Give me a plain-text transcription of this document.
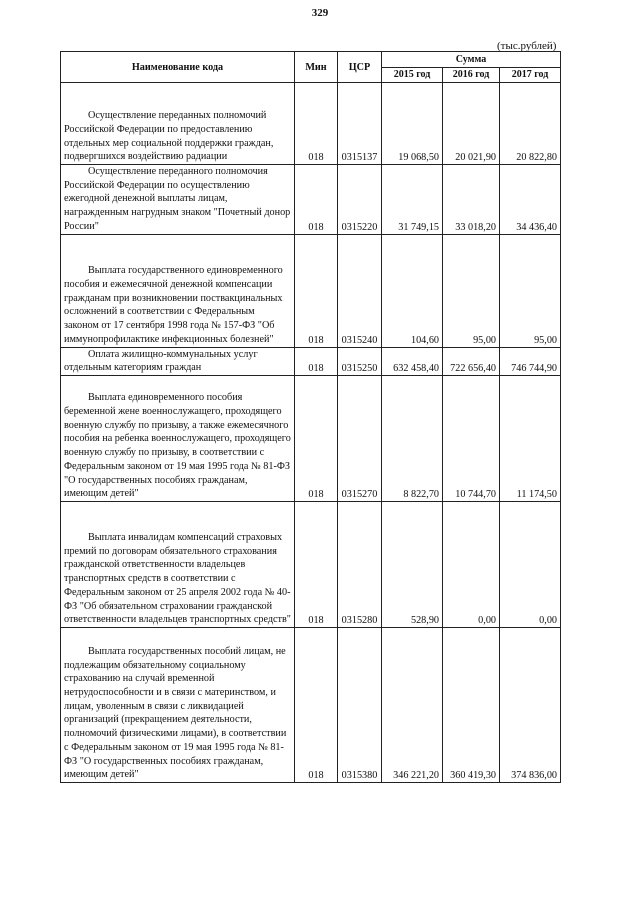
329
(тыс.рублей)
Наименование кода	Мин	ЦСР	Сумма		
			2015 год	2016 год	2017 год
Осуществление переданных полномочий Российской Федерации по предоставлению отдельных мер социальной поддержки граждан, подвергшихся воздействию радиации	018	0315137	19 068,50	20 021,90	20 822,80
Осуществление переданного полномочия Российской Федерации по осуществлению ежегодной денежной выплаты лицам, награжденным нагрудным знаком "Почетный донор России"	018	0315220	31 749,15	33 018,20	34 436,40
Выплата государственного единовременного пособия и ежемесячной денежной компенсации гражданам при возникновении поствакцинальных осложнений в соответствии с Федеральным законом от 17 сентября 1998 года № 157-ФЗ "Об иммунопрофилактике инфекционных болезней"	018	0315240	104,60	95,00	95,00
Оплата жилищно-коммунальных услуг отдельным категориям граждан	018	0315250	632 458,40	722 656,40	746 744,90
Выплата единовременного пособия беременной жене военнослужащего, проходящего военную службу по призыву, а также ежемесячного пособия на ребенка военнослужащего, проходящего военную службу по призыву, в соответствии с Федеральным законом от 19 мая 1995 года № 81-ФЗ "О государственных пособиях гражданам, имеющим детей"	018	0315270	8 822,70	10 744,70	11 174,50
Выплата инвалидам компенсаций страховых премий по договорам обязательного страхования гражданской ответственности владельцев транспортных средств в соответствии с Федеральным законом от 25 апреля 2002 года № 40-ФЗ "Об обязательном страховании гражданской ответственности владельцев транспортных средств"	018	0315280	528,90	0,00	0,00
Выплата государственных пособий лицам, не подлежащим обязательному социальному страхованию на случай временной нетрудоспособности и в связи с материнством, и лицам, уволенным в связи с ликвидацией организаций (прекращением деятельности, полномочий физическими лицами), в соответствии с Федеральным законом от 19 мая 1995 года № 81-ФЗ "О государственных пособиях гражданам, имеющим детей"	018	0315380	346 221,20	360 419,30	374 836,00
